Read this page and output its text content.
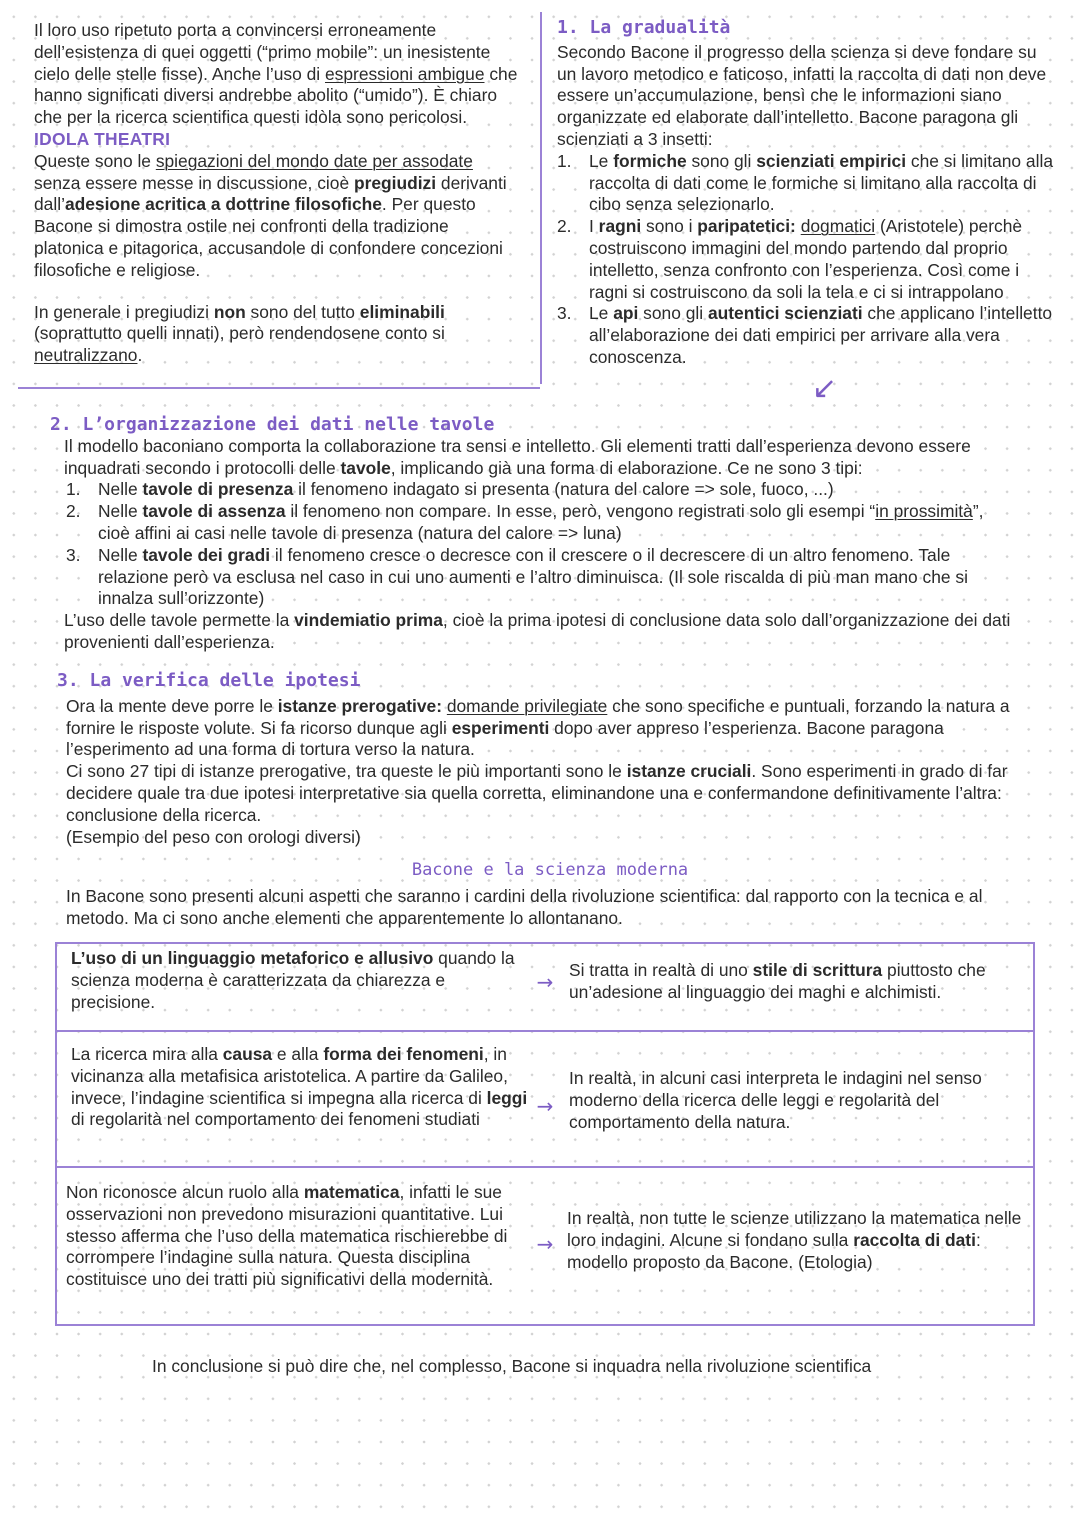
Il loro uso ripetuto porta a convincersi erroneamente dell’esistenza di quei oggetti (“primo mobile”: un inesistente cielo delle stelle fisse). Anche l’uso di espressioni ambigue che hanno significati diversi andrebbe abolito (“umido”). È chiaro che per la ricerca scientifica questi idòla sono pericolosi.

IDOLA THEATRI

Queste sono le spiegazioni del mondo date per assodate senza essere messe in discussione, cioè pregiudizi derivanti dall’adesione acritica a dottrine filosofiche. Per questo Bacone si dimostra ostile nei confronti della tradizione platonica e pitagorica, accusandole di confondere concezioni filosofiche e religiose.

In generale i pregiudizi non sono del tutto eliminabili (soprattutto quelli innati), però rendendosene conto si neutralizzano.

1. La gradualità

Secondo Bacone il progresso della scienza si deve fondare su un lavoro metodico e faticoso, infatti la raccolta di dati non deve essere un’accumulazione, bensì che le informazioni siano organizzate ed elaborate dall’intelletto. Bacone paragona gli scienziati a 3 insetti:

1. Le formiche sono gli scienziati empirici che si limitano alla raccolta di dati come le formiche si limitano alla raccolta di cibo senza selezionarlo.
2. I ragni sono i paripatetici: dogmatici (Aristotele) perchè costruiscono immagini del mondo partendo dal proprio intelletto, senza confronto con l’esperienza. Così come i ragni si costruiscono da soli la tela e ci si intrappolano
3. Le api sono gli autentici scienziati che applicano l’intelletto all’elaborazione dei dati empirici per arrivare alla vera conoscenza.
↙

2. L’organizzazione dei dati nelle tavole

Il modello baconiano comporta la collaborazione tra sensi e intelletto. Gli elementi tratti dall’esperienza devono essere inquadrati secondo i protocolli delle tavole, implicando già una forma di elaborazione. Ce ne sono 3 tipi:

1. Nelle tavole di presenza il fenomeno indagato si presenta (natura del calore => sole, fuoco, ...)
2. Nelle tavole di assenza il fenomeno non compare. In esse, però, vengono registrati solo gli esempi “in prossimità”, cioè affini ai casi nelle tavole di presenza (natura del calore => luna)
3. Nelle tavole dei gradi il fenomeno cresce o decresce con il crescere o il decrescere di un altro fenomeno. Tale relazione però va esclusa nel caso in cui uno aumenti e l’altro diminuisca. (Il sole riscalda di più man mano che si innalza sull’orizzonte)

L’uso delle tavole permette la vindemiatio prima, cioè la prima ipotesi di conclusione data solo dall’organizzazione dei dati provenienti dall’esperienza.

3. La verifica delle ipotesi

Ora la mente deve porre le istanze prerogative: domande privilegiate che sono specifiche e puntuali, forzando la natura a fornire le risposte volute. Si fa ricorso dunque agli esperimenti dopo aver appreso l’esperienza. Bacone paragona l’esperimento ad una forma di tortura verso la natura.

Ci sono 27 tipi di istanze prerogative, tra queste le più importanti sono le istanze cruciali. Sono esperimenti in grado di far decidere quale tra due ipotesi interpretative sia quella corretta, eliminandone una e confermandone definitivamente l’altra: conclusione della ricerca.

(Esempio del peso con orologi diversi)

Bacone e la scienza moderna

In Bacone sono presenti alcuni aspetti che saranno i cardini della rivoluzione scientifica: dal rapporto con la tecnica e al metodo. Ma ci sono anche elementi che apparentemente lo allontanano.

L’uso di un linguaggio metaforico e allusivo quando la scienza moderna è caratterizzata da chiarezza e precisione.
→ Si tratta in realtà di uno stile di scrittura piuttosto che un’adesione al linguaggio dei maghi e alchimisti.
La ricerca mira alla causa e alla forma dei fenomeni, in vicinanza alla metafisica aristotelica. A partire da Galileo, invece, l’indagine scientifica si impegna alla ricerca di leggi di regolarità nel comportamento dei fenomeni studiati
→
In realtà, in alcuni casi interpreta le indagini nel senso moderno della ricerca delle leggi e regolarità del comportamento della natura.
Non riconosce alcun ruolo alla matematica, infatti le sue osservazioni non prevedono misurazioni quantitative. Lui stesso afferma che l’uso della matematica rischierebbe di corrompere l’indagine sulla natura. Questa disciplina costituisce uno dei tratti più significativi della modernità.
→
In realtà, non tutte le scienze utilizzano la matematica nelle loro indagini. Alcune si fondano sulla raccolta di dati: modello proposto da Bacone. (Etologia)

In conclusione si può dire che, nel complesso, Bacone si inquadra nella rivoluzione scientifica
